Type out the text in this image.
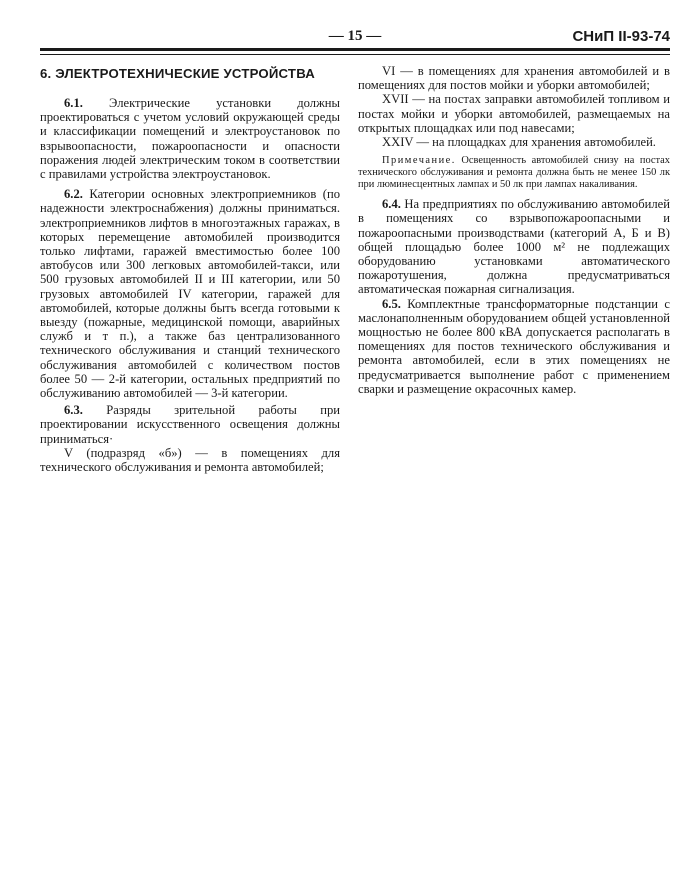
— 15 —	СНиП II-93-74
6. ЭЛЕКТРОТЕХНИЧЕСКИЕ УСТРОЙСТВА

6.1. Электрические установки должны проектироваться с учетом условий окружающей среды и классификации помещений и электроустановок по взрывоопасности, пожароопасности и опасности поражения людей электрическим током в соответствии с правилами устройства электроустановок.

6.2. Категории основных электроприемников (по надежности электроснабжения) должны приниматься. электроприемников лифтов в многоэтажных гаражах, в которых перемещение автомобилей производится только лифтами, гаражей вместимостью более 100 автобусов или 300 легковых автомобилей-такси, или 500 грузовых автомобилей II и III категории, или 50 грузовых автомобилей IV категории, гаражей для автомобилей, которые должны быть всегда готовыми к выезду (пожарные, медицинской помощи, аварийных служб и т п.), а также баз централизованного технического обслуживания и станций технического обслуживания автомобилей с количеством постов более 50 — 2-й категории, остальных предприятий по обслуживанию автомобилей — 3-й категории.

6.3. Разряды зрительной работы при проектировании искусственного освещения должны приниматься·

V (подразряд «б») — в помещениях для технического обслуживания и ремонта автомобилей;

VI — в помещениях для хранения автомобилей и в помещениях для постов мойки и уборки автомобилей;

XVII — на постах заправки автомобилей топливом и постах мойки и уборки автомобилей, размещаемых на открытых площадках или под навесами;

XXIV — на площадках для хранения автомобилей.

Примечание. Освещенность автомобилей снизу на постах технического обслуживания и ремонта должна быть не менее 150 лк при люминесцентных лампах и 50 лк при лампах накаливания.

6.4. На предприятиях по обслуживанию автомобилей в помещениях со взрывопожароопасными и пожароопасными производствами (категорий А, Б и В) общей площадью более 1000 м² не подлежащих оборудованию установками автоматического пожаротушения, должна предусматриваться автоматическая пожарная сигнализация.

6.5. Комплектные трансформаторные подстанции с маслонаполненным оборудованием общей установленной мощностью не более 800 кВА допускается располагать в помещениях для постов технического обслуживания и ремонта автомобилей, если в этих помещениях не предусматривается выполнение работ с применением сварки и размещение окрасочных камер.
